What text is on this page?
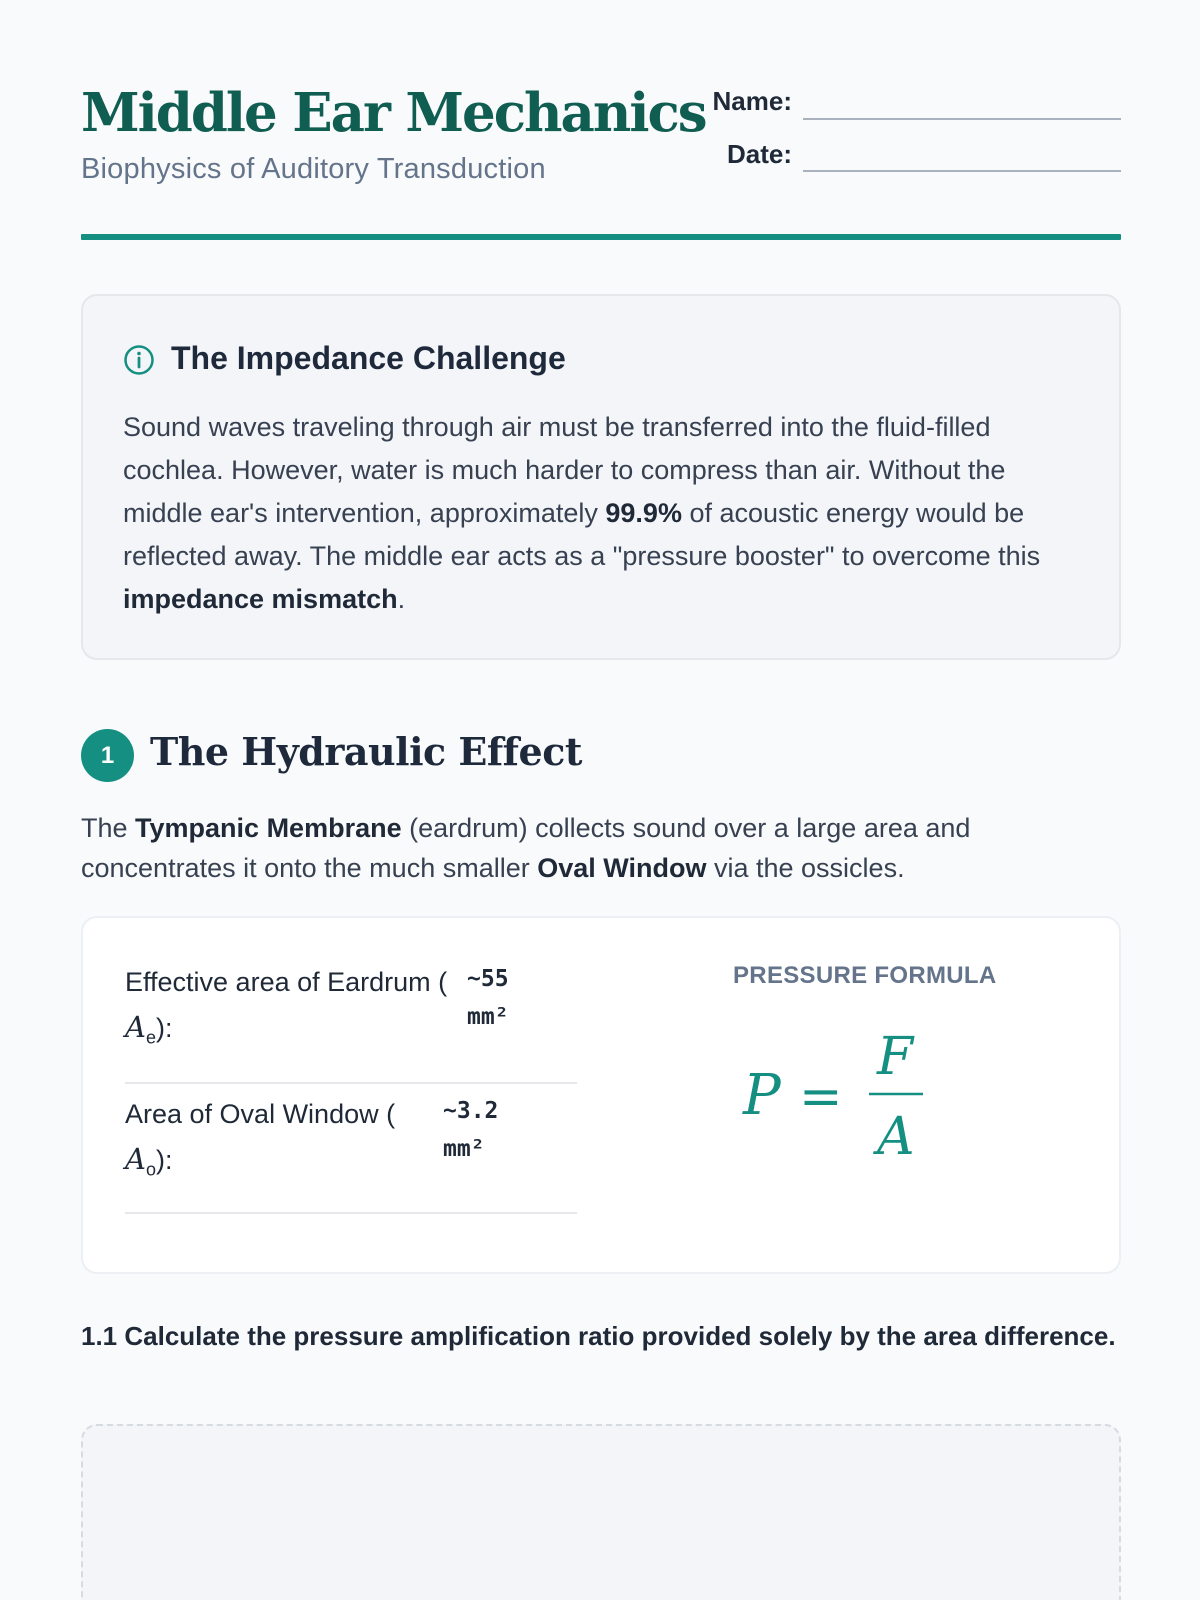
Middle Ear Mechanics
Biophysics of Auditory Transduction
Name:
Date:
The Impedance Challenge
Sound waves traveling through air must be transferred into the fluid-filled cochlea. However, water is much harder to compress than air. Without the middle ear's intervention, approximately 99.9% of acoustic energy would be reflected away. The middle ear acts as a "pressure booster" to overcome this impedance mismatch.
1 The Hydraulic Effect
The Tympanic Membrane (eardrum) collects sound over a large area and concentrates it onto the much smaller Oval Window via the ossicles.
Effective area of Eardrum (
$A_e$):
~55
mm²
Area of Oval Window (
$A_o$):
~3.2
mm²
PRESSURE FORMULA
P =
F
A
1.1 Calculate the pressure amplification ratio provided solely by the area difference.
